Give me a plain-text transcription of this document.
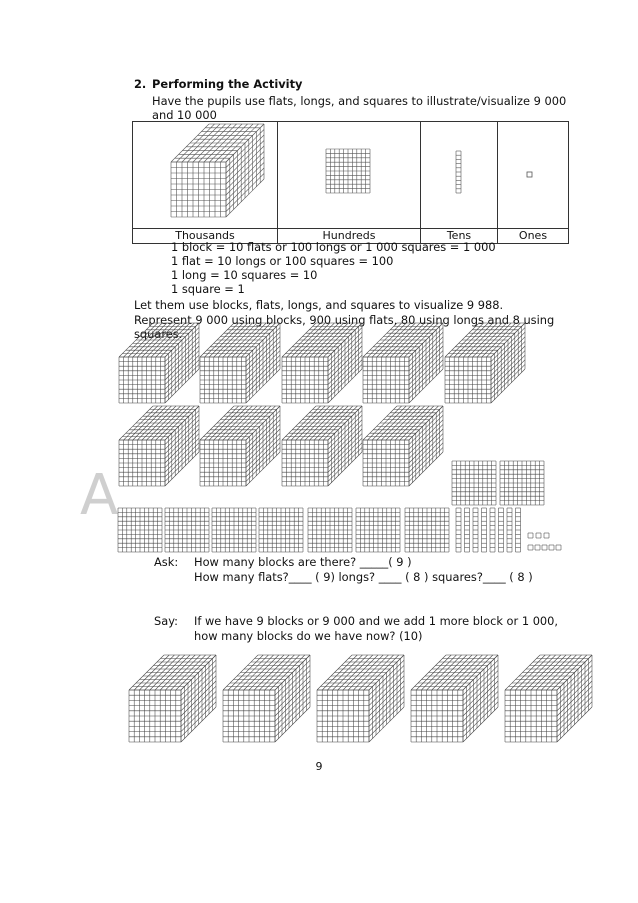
2. Performing the Activity
Have the pupils use flats, longs, and squares to illustrate/visualize 9 000
and 10 000

Thousands	Hundreds	Tens	Ones
1 block = 10 flats or 100 longs or 1 000 squares = 1 000
1 flat = 10 longs or 100 squares = 100
1 long = 10 squares = 10
1 square = 1
Let them use blocks, flats, longs, and squares to visualize 9 988.
Represent 9 000 using blocks, 900 using flats, 80 using longs and 8 using
squares.
A
Ask: How many blocks are there? _____( 9 )
How many flats?____ ( 9) longs? ____ ( 8 ) squares?____ ( 8 )
Say: If we have 9 blocks or 9 000 and we add 1 more block or 1 000,
how many blocks do we have now? (10)
9
